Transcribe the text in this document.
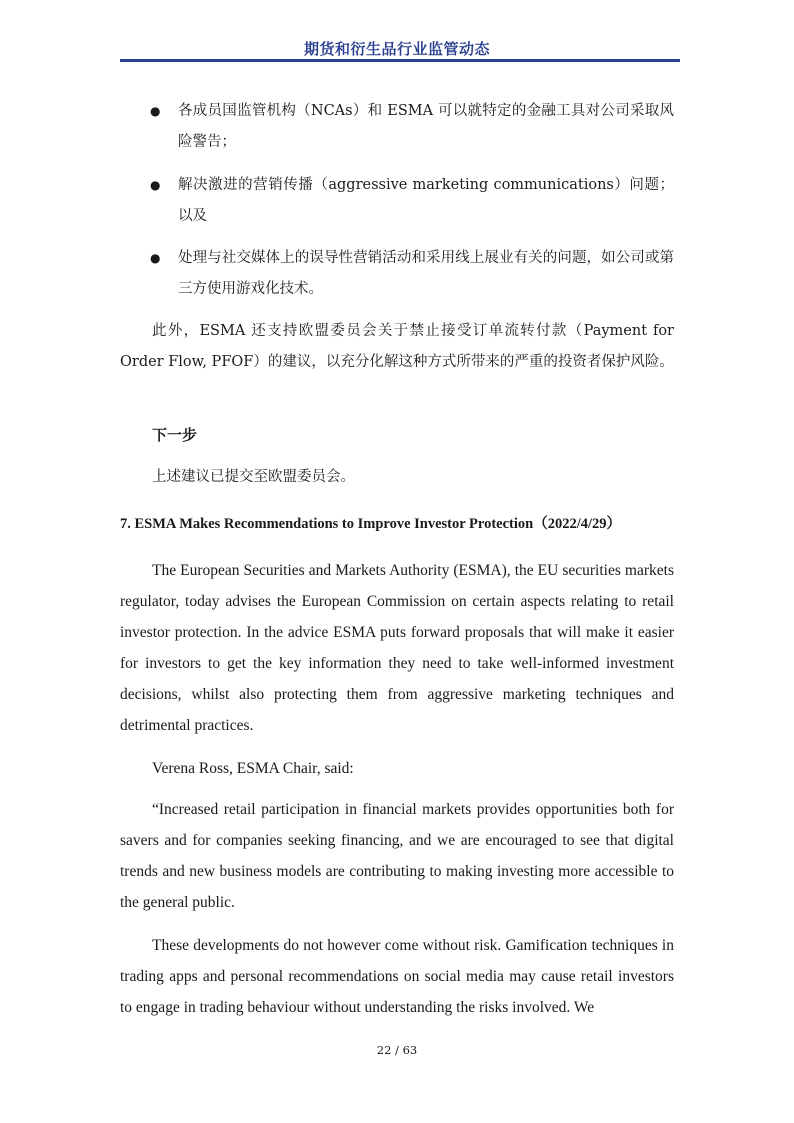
期货和衍生品行业监管动态
● 各成员国监管机构（NCAs）和 ESMA 可以就特定的金融工具对公司采取风险警告；
● 解决激进的营销传播（aggressive marketing communications）问题；以及
● 处理与社交媒体上的误导性营销活动和采用线上展业有关的问题，如公司或第三方使用游戏化技术。
此外，ESMA 还支持欧盟委员会关于禁止接受订单流转付款（Payment for Order Flow, PFOF）的建议，以充分化解这种方式所带来的严重的投资者保护风险。
下一步
上述建议已提交至欧盟委员会。
7. ESMA Makes Recommendations to Improve Investor Protection（2022/4/29）
The European Securities and Markets Authority (ESMA), the EU securities markets regulator, today advises the European Commission on certain aspects relating to retail investor protection. In the advice ESMA puts forward proposals that will make it easier for investors to get the key information they need to take well-informed investment decisions, whilst also protecting them from aggressive marketing techniques and detrimental practices.
Verena Ross, ESMA Chair, said:
“Increased retail participation in financial markets provides opportunities both for savers and for companies seeking financing, and we are encouraged to see that digital trends and new business models are contributing to making investing more accessible to the general public.
These developments do not however come without risk. Gamification techniques in trading apps and personal recommendations on social media may cause retail investors to engage in trading behaviour without understanding the risks involved. We
22 / 63
